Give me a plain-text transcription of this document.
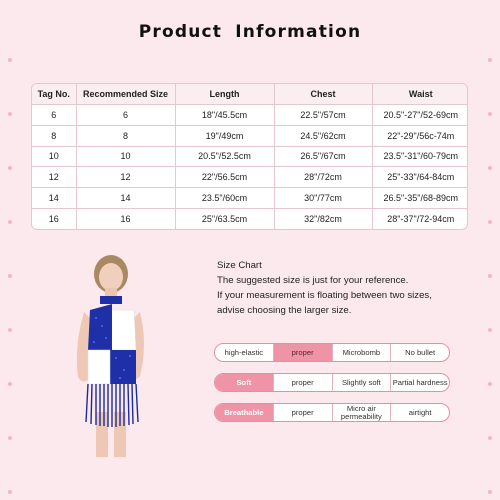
Product Information
Tag No.	Recommended Size	Length	Chest	Waist
6	6	18"/45.5cm	22.5"/57cm	20.5"-27"/52-69cm
8	8	19"/49cm	24.5"/62cm	22"-29"/56c-74m
10	10	20.5"/52.5cm	26.5"/67cm	23.5"-31"/60-79cm
12	12	22"/56.5cm	28"/72cm	25"-33"/64-84cm
14	14	23.5"/60cm	30"/77cm	26.5"-35"/68-89cm
16	16	25"/63.5cm	32"/82cm	28"-37"/72-94cm
Size Chart
The suggested size is just for your reference.
If your measurement is floating between two sizes,
advise choosing the larger size.
high-elastic	proper	Microbomb	No bullet
Soft	proper	Slightly soft	Partial hardness
Breathable	proper	Micro air permeability	airtight
